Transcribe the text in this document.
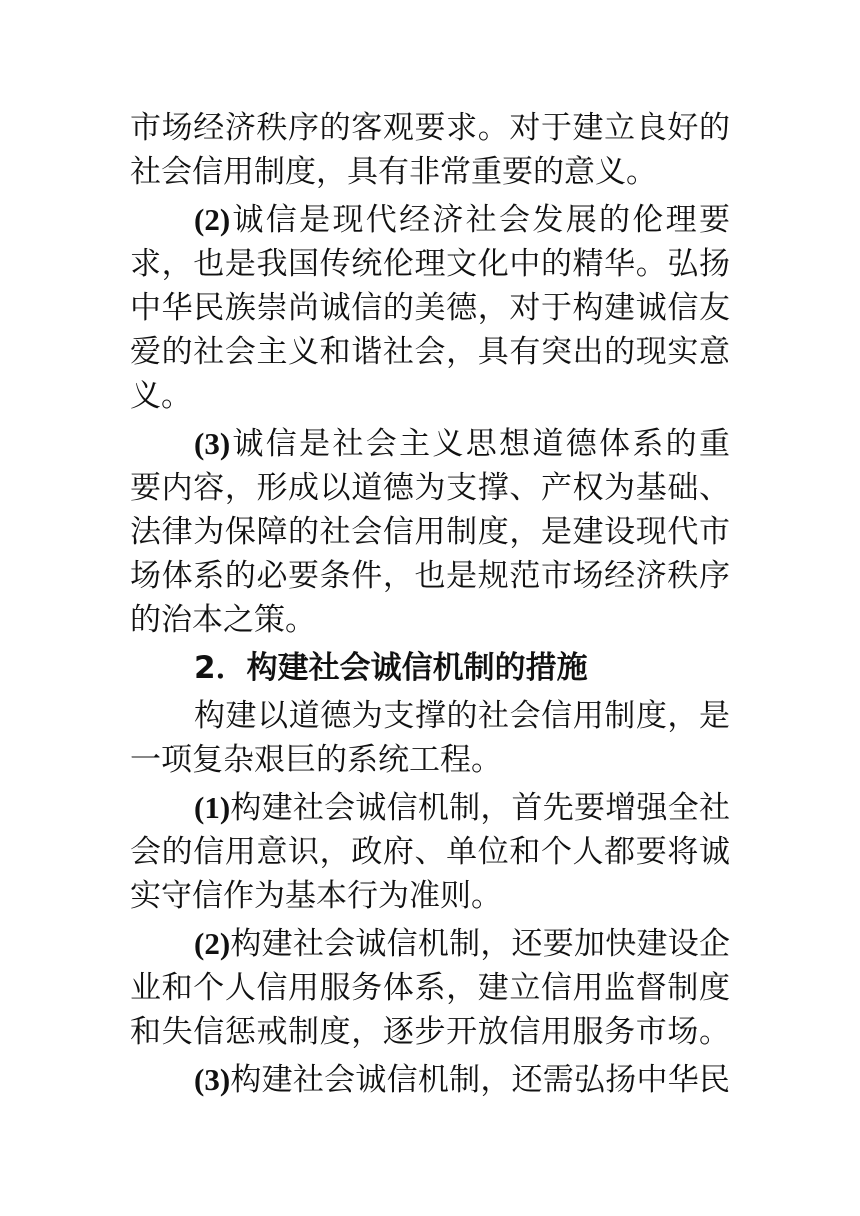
市场经济秩序的客观要求。对于建立良好的
社会信用制度，具有非常重要的意义。
(2)诚信是现代经济社会发展的伦理要
求，也是我国传统伦理文化中的精华。弘扬
中华民族崇尚诚信的美德，对于构建诚信友
爱的社会主义和谐社会，具有突出的现实意
义。
(3)诚信是社会主义思想道德体系的重
要内容，形成以道德为支撑、产权为基础、
法律为保障的社会信用制度，是建设现代市
场体系的必要条件，也是规范市场经济秩序
的治本之策。
2．构建社会诚信机制的措施
构建以道德为支撑的社会信用制度，是
一项复杂艰巨的系统工程。
(1)构建社会诚信机制，首先要增强全社
会的信用意识，政府、单位和个人都要将诚
实守信作为基本行为准则。
(2)构建社会诚信机制，还要加快建设企
业和个人信用服务体系，建立信用监督制度
和失信惩戒制度，逐步开放信用服务市场。
(3)构建社会诚信机制，还需弘扬中华民
